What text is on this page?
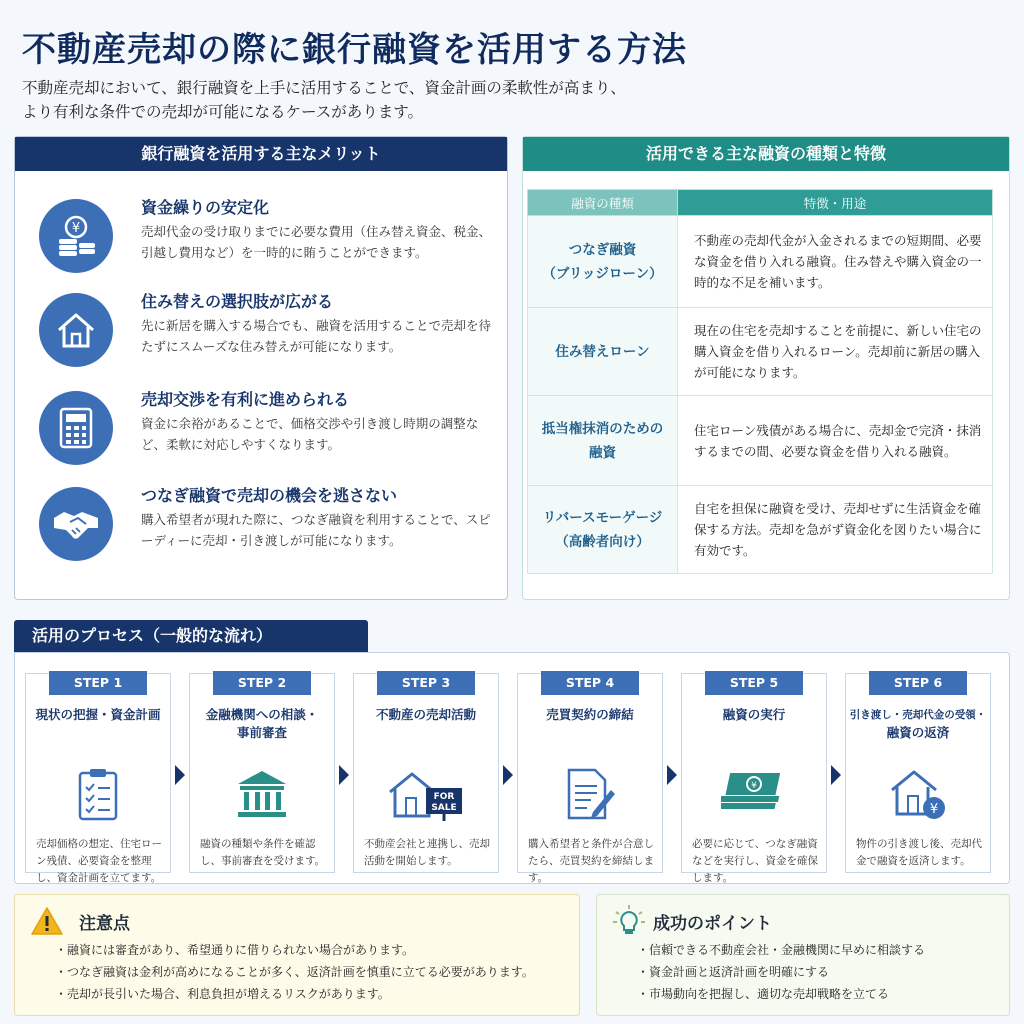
不動産売却の際に銀行融資を活用する方法
不動産売却において、銀行融資を上手に活用することで、資金計画の柔軟性が高まり、
より有利な条件での売却が可能になるケースがあります。
銀行融資を活用する主なメリット
¥
資金繰りの安定化
売却代金の受け取りまでに必要な費用（住み替え資金、税金、引越し費用など）を一時的に賄うことができます。
住み替えの選択肢が広がる
先に新居を購入する場合でも、融資を活用することで売却を待たずにスムーズな住み替えが可能になります。
売却交渉を有利に進められる
資金に余裕があることで、価格交渉や引き渡し時期の調整など、柔軟に対応しやすくなります。
つなぎ融資で売却の機会を逃さない
購入希望者が現れた際に、つなぎ融資を利用することで、スピーディーに売却・引き渡しが可能になります。
活用できる主な融資の種類と特徴
融資の種類	特徴・用途

つなぎ融資
（ブリッジローン）	不動産の売却代金が入金されるまでの短期間、必要な資金を借り入れる融資。住み替えや購入資金の一時的な不足を補います。

住み替えローン	現在の住宅を売却することを前提に、新しい住宅の購入資金を借り入れるローン。売却前に新居の購入が可能になります。

抵当権抹消のための
融資	住宅ローン残債がある場合に、売却金で完済・抹消するまでの間、必要な資金を借り入れる融資。

リバースモーゲージ
（高齢者向け）	自宅を担保に融資を受け、売却せずに生活資金を確保する方法。売却を急がず資金化を図りたい場合に有効です。
活用のプロセス（一般的な流れ）
STEP 1
現状の把握・資金計画
売却価格の想定、住宅ローン残債、必要資金を整理し、資金計画を立てます。
STEP 2
金融機関への相談・
事前審査
融資の種類や条件を確認し、事前審査を受けます。
STEP 3
不動産の売却活動
FOR
SALE
不動産会社と連携し、売却活動を開始します。
STEP 4
売買契約の締結
購入希望者と条件が合意したら、売買契約を締結します。
STEP 5
融資の実行
¥
必要に応じて、つなぎ融資などを実行し、資金を確保します。
STEP 6
引き渡し・売却代金の受領・
融資の返済
¥
物件の引き渡し後、売却代金で融資を返済します。
注意点
・ 融資には審査があり、希望通りに借りられない場合があります。
・ つなぎ融資は金利が高めになることが多く、返済計画を慎重に立てる必要があります。
・ 売却が長引いた場合、利息負担が増えるリスクがあります。
成功のポイント
・ 信頼できる不動産会社・金融機関に早めに相談する
・ 資金計画と返済計画を明確にする
・ 市場動向を把握し、適切な売却戦略を立てる
